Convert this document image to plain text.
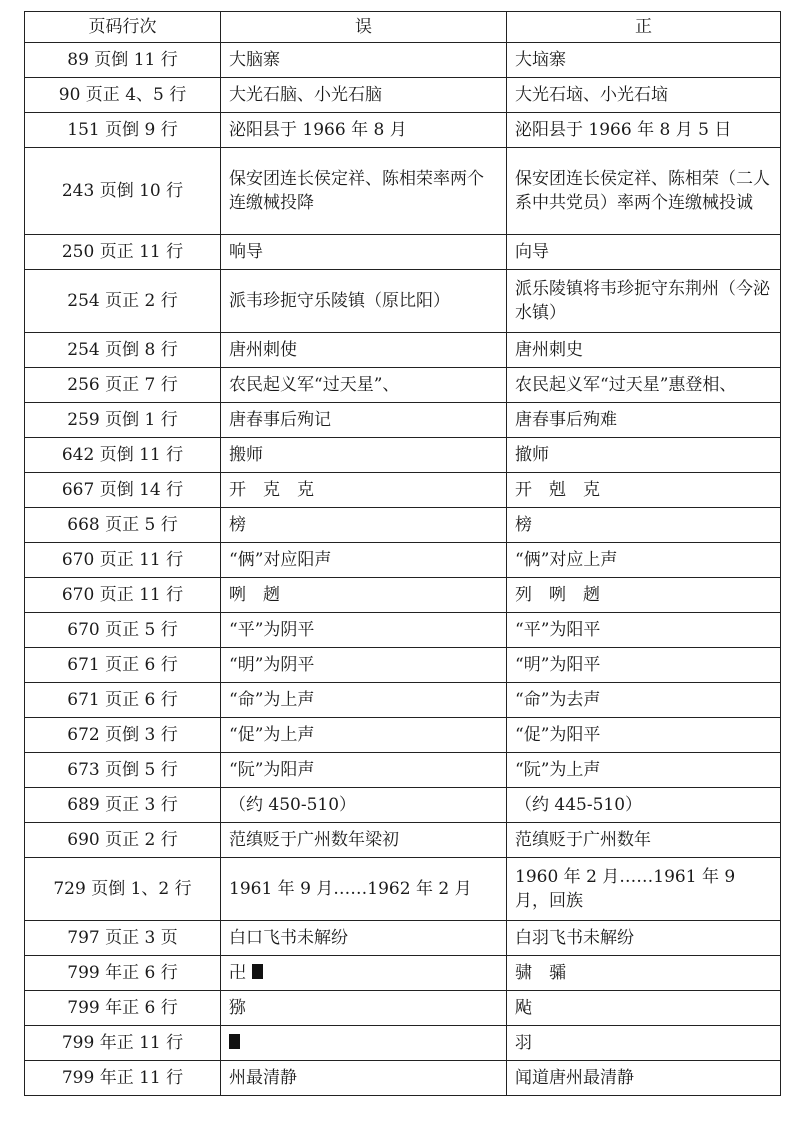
页码行次	误	正
89 页倒 11 行	大脑寨	大垴寨
90 页正 4、5 行	大光石脑、小光石脑	大光石垴、小光石垴
151 页倒 9 行	泌阳县于 1966 年 8 月	泌阳县于 1966 年 8 月 5 日
243 页倒 10 行	保安团连长侯定祥、陈相荣率两个连缴械投降	保安团连长侯定祥、陈相荣（二人系中共党员）率两个连缴械投诚
250 页正 11 行	响导	向导
254 页正 2 行	派韦珍扼守乐陵镇（原比阳）	派乐陵镇将韦珍扼守东荆州（今泌水镇）
254 页倒 8 行	唐州刺使	唐州刺史
256 页正 7 行	农民起义军“过天星”、	农民起义军“过天星”惠登相、
259 页倒 1 行	唐春事后殉记	唐春事后殉难
642 页倒 11 行	搬师	撤师
667 页倒 14 行	开　克　克	开　剋　克
668 页正 5 行	榜	榜
670 页正 11 行	“俩”对应阳声	“俩”对应上声
670 页正 11 行	咧　趔	列　咧　趔
670 页正 5 行	“平”为阴平	“平”为阳平
671 页正 6 行	“明”为阴平	“明”为阳平
671 页正 6 行	“命”为上声	“命”为去声
672 页倒 3 行	“促”为上声	“促”为阳平
673 页倒 5 行	“阮”为阳声	“阮”为上声
689 页正 3 行	（约 450-510）	（约 445-510）
690 页正 2 行	范缜贬于广州数年梁初	范缜贬于广州数年
729 页倒 1、2 行	1961 年 9 月……1962 年 2 月	1960 年 2 月……1961 年 9 月，回族
797 页正 3 页	白口飞书未解纷	白羽飞书未解纷
799 年正 6 行	卍	骕　骦
799 年正 6 行	猕	飐
799 年正 11 行		羽
799 年正 11 行	州最清静	闻道唐州最清静
